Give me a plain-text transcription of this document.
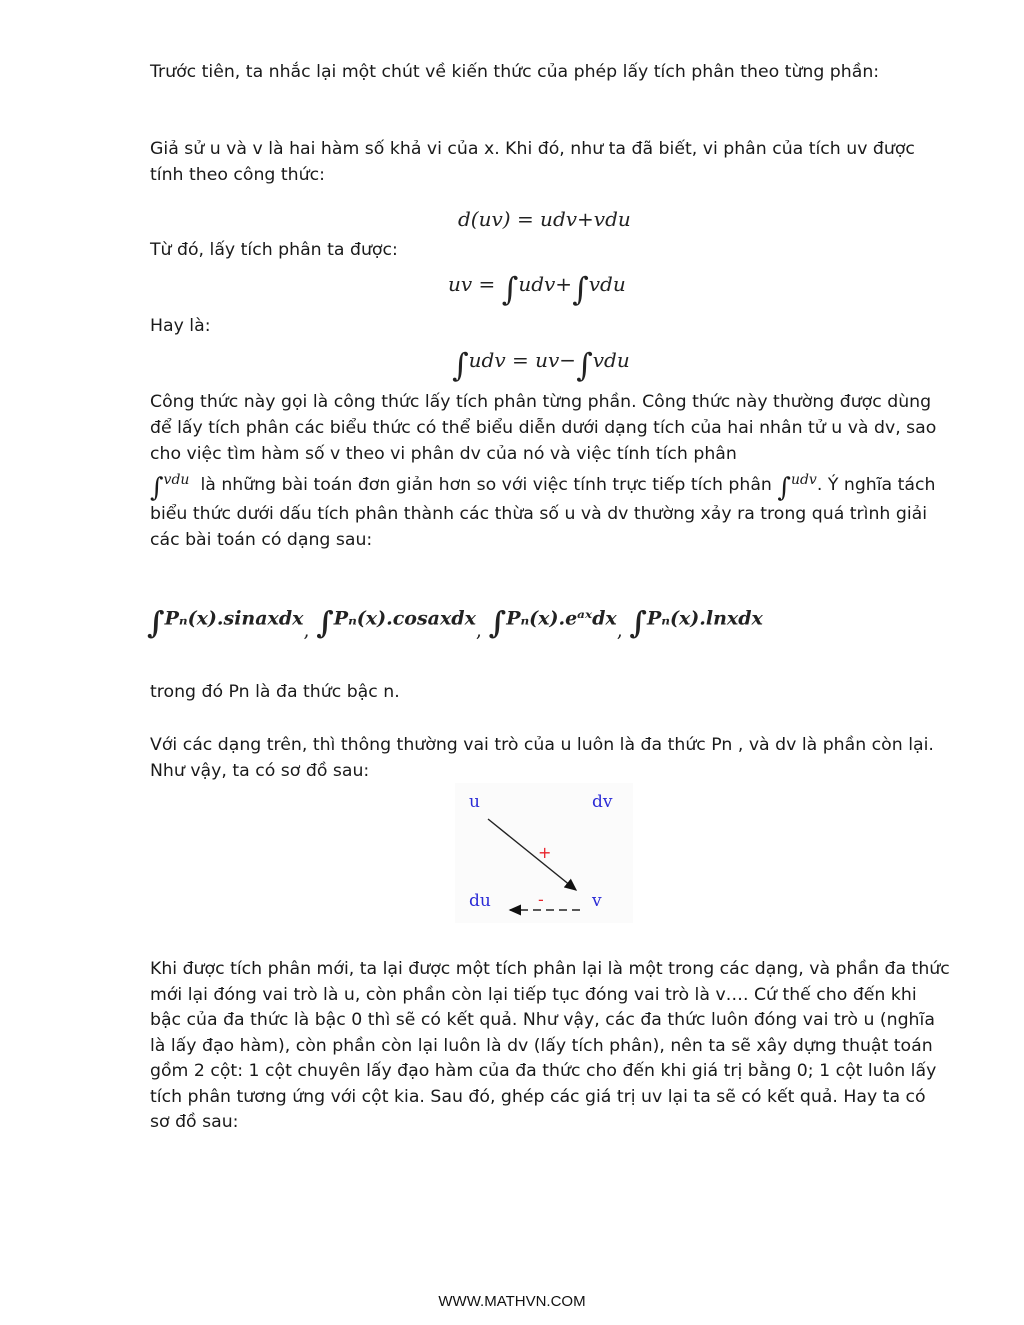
Trước tiên, ta nhắc lại một chút về kiến thức của phép lấy tích phân theo từng phần:
Giả sử u và v là hai hàm số khả vi của x. Khi đó, như ta đã biết, vi phân của tích uv được tính theo công thức:
d(uv) = udv+vdu
Từ đó, lấy tích phân ta được:
uv = ∫udv+∫vdu
Hay là:
∫udv = uv−∫vdu
Công thức này gọi là công thức lấy tích phân từng phần. Công thức này thường được dùng để lấy tích phân các biểu thức có thể biểu diễn dưới dạng tích của hai nhân tử u và dv, sao cho việc tìm hàm số v theo vi phân dv của nó và việc tính tích phân
∫vdu là những bài toán đơn giản hơn so với việc tính trực tiếp tích phân ∫udv. Ý nghĩa tách biểu thức dưới dấu tích phân thành các thừa số u và dv thường xảy ra trong quá trình giải các bài toán có dạng sau:
∫Pₙ(x).sinaxdx, ∫Pₙ(x).cosaxdx, ∫Pₙ(x).eᵃˣdx, ∫Pₙ(x).lnxdx
trong đó Pn là đa thức bậc n.
Với các dạng trên, thì thông thường vai trò của u luôn là đa thức Pn , và dv là phần còn lại. Như vậy, ta có sơ đồ sau:
u	dv
du	v
+
-
Khi được tích phân mới, ta lại được một tích phân lại là một trong các dạng, và phần đa thức mới lại đóng vai trò là u, còn phần còn lại tiếp tục đóng vai trò là v…. Cứ thế cho đến khi bậc của đa thức là bậc 0 thì sẽ có kết quả. Như vậy, các đa thức luôn đóng vai trò u (nghĩa là lấy đạo hàm), còn phần còn lại luôn là dv (lấy tích phân), nên ta sẽ xây dựng thuật toán gồm 2 cột: 1 cột chuyên lấy đạo hàm của đa thức cho đến khi giá trị bằng 0; 1 cột luôn lấy tích phân tương ứng với cột kia. Sau đó, ghép các giá trị uv lại ta sẽ có kết quả. Hay ta có sơ đồ sau:
WWW.MATHVN.COM
